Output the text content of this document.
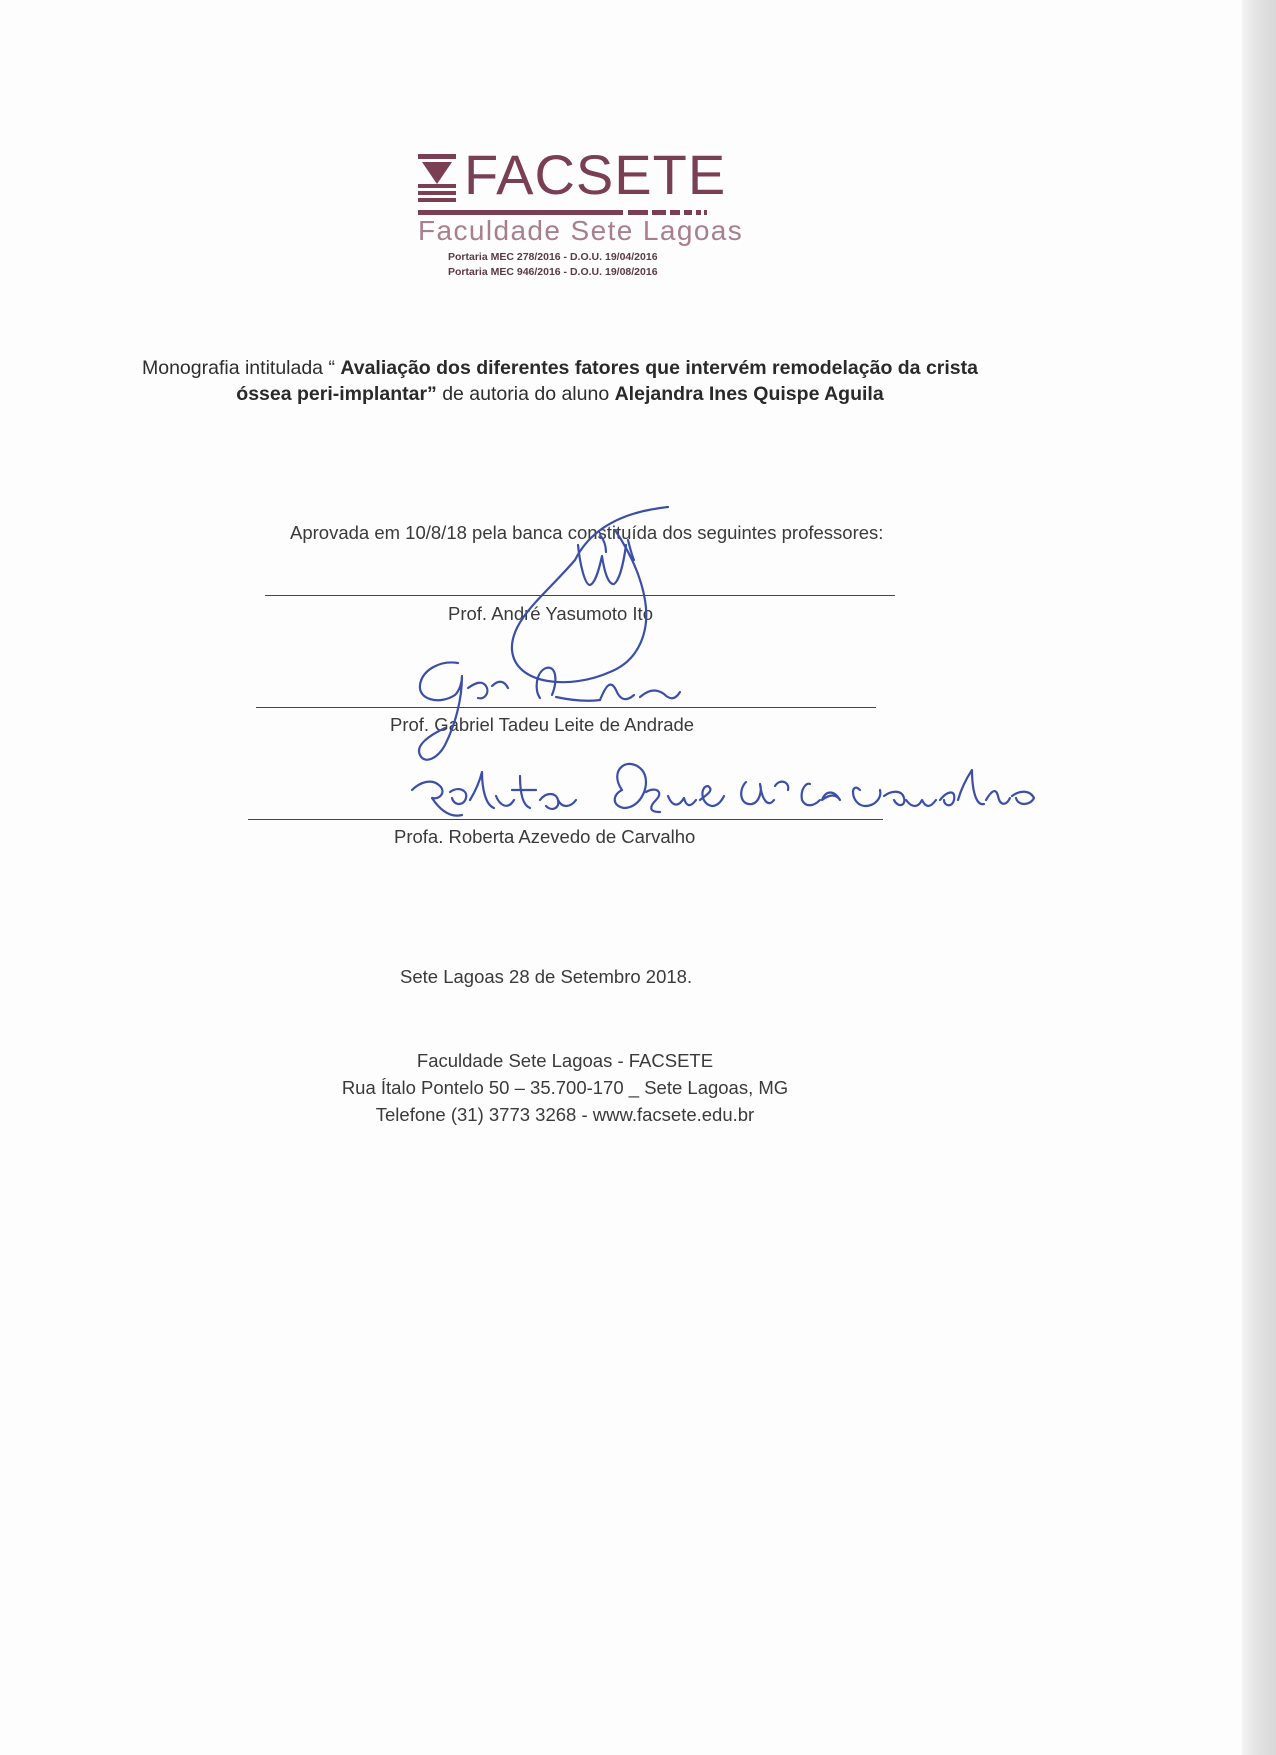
FACSETE
Faculdade Sete Lagoas
Portaria MEC 278/2016 - D.O.U. 19/04/2016
Portaria MEC 946/2016 - D.O.U. 19/08/2016
Monografia intitulada “ Avaliação dos diferentes fatores que intervém remodelação da crista óssea peri-implantar” de autoria do aluno Alejandra Ines Quispe Aguila
Aprovada em 10/8/18 pela banca constituída dos seguintes professores:
Prof. André Yasumoto Ito
Prof. Gabriel Tadeu Leite de Andrade
Profa. Roberta Azevedo de Carvalho
Sete Lagoas 28 de Setembro 2018.
Faculdade Sete Lagoas - FACSETE
Rua Ítalo Pontelo 50 – 35.700-170 _ Sete Lagoas, MG
Telefone (31) 3773 3268 - www.facsete.edu.br
